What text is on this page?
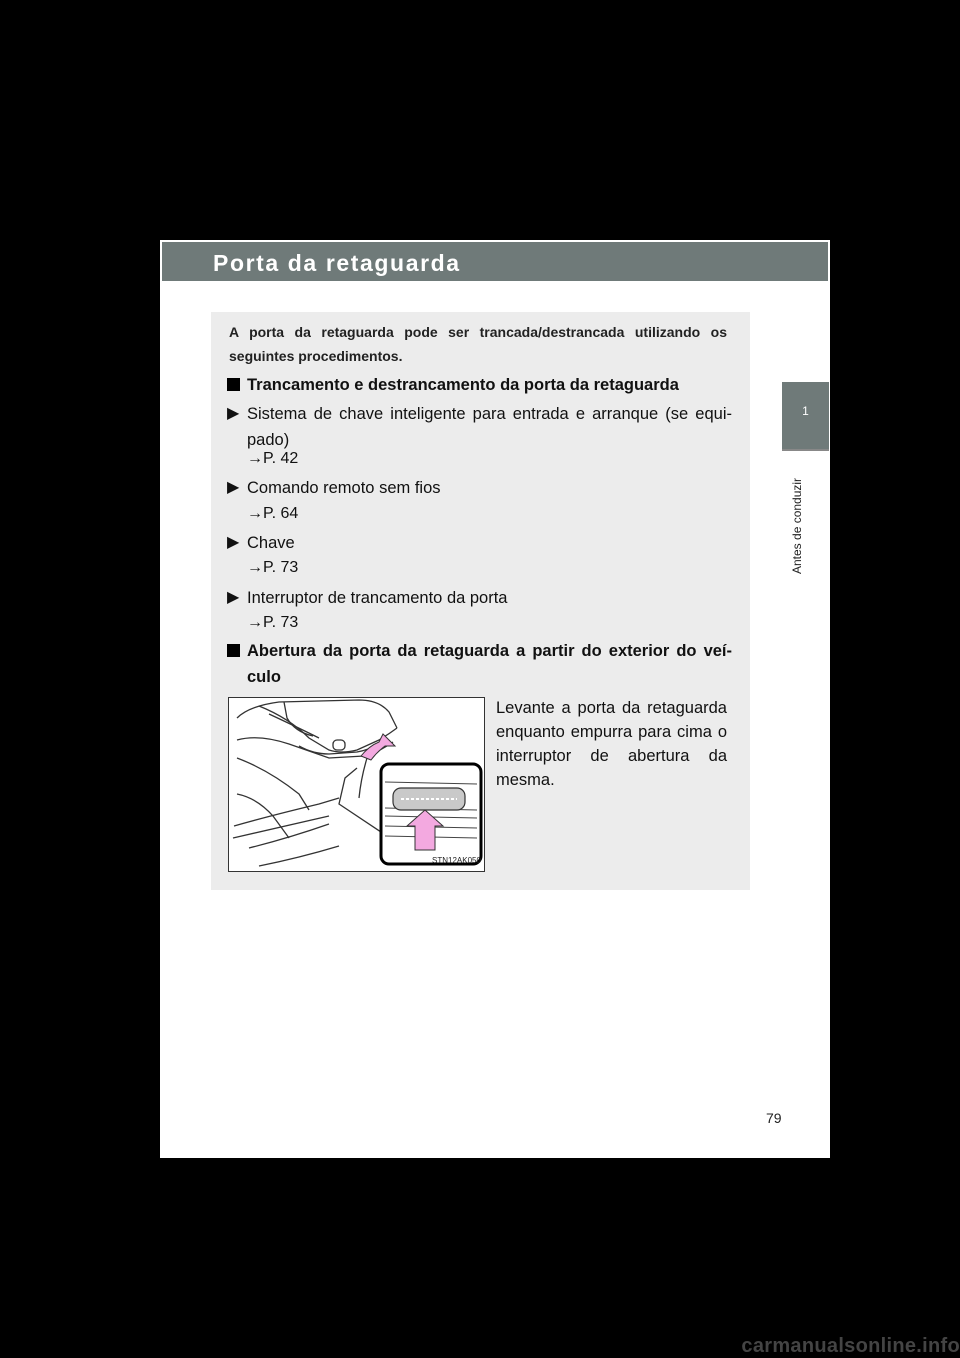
Porta da retaguarda
A porta da retaguarda pode ser trancada/destrancada utilizando os seguintes procedimentos.
Trancamento e destrancamento da porta da retaguarda
▶ Sistema de chave inteligente para entrada e arranque (se equi-pado)
→P. 42
▶ Comando remoto sem fios
→P. 64
▶ Chave
→P. 73
▶ Interruptor de trancamento da porta
→P. 73
Abertura da porta da retaguarda a partir do exterior do veí-culo
STN12AK050
Levante a porta da retaguarda enquanto empurra para cima o interruptor de abertura da mesma.
1
Antes de conduzir
79
carmanualsonline.info
